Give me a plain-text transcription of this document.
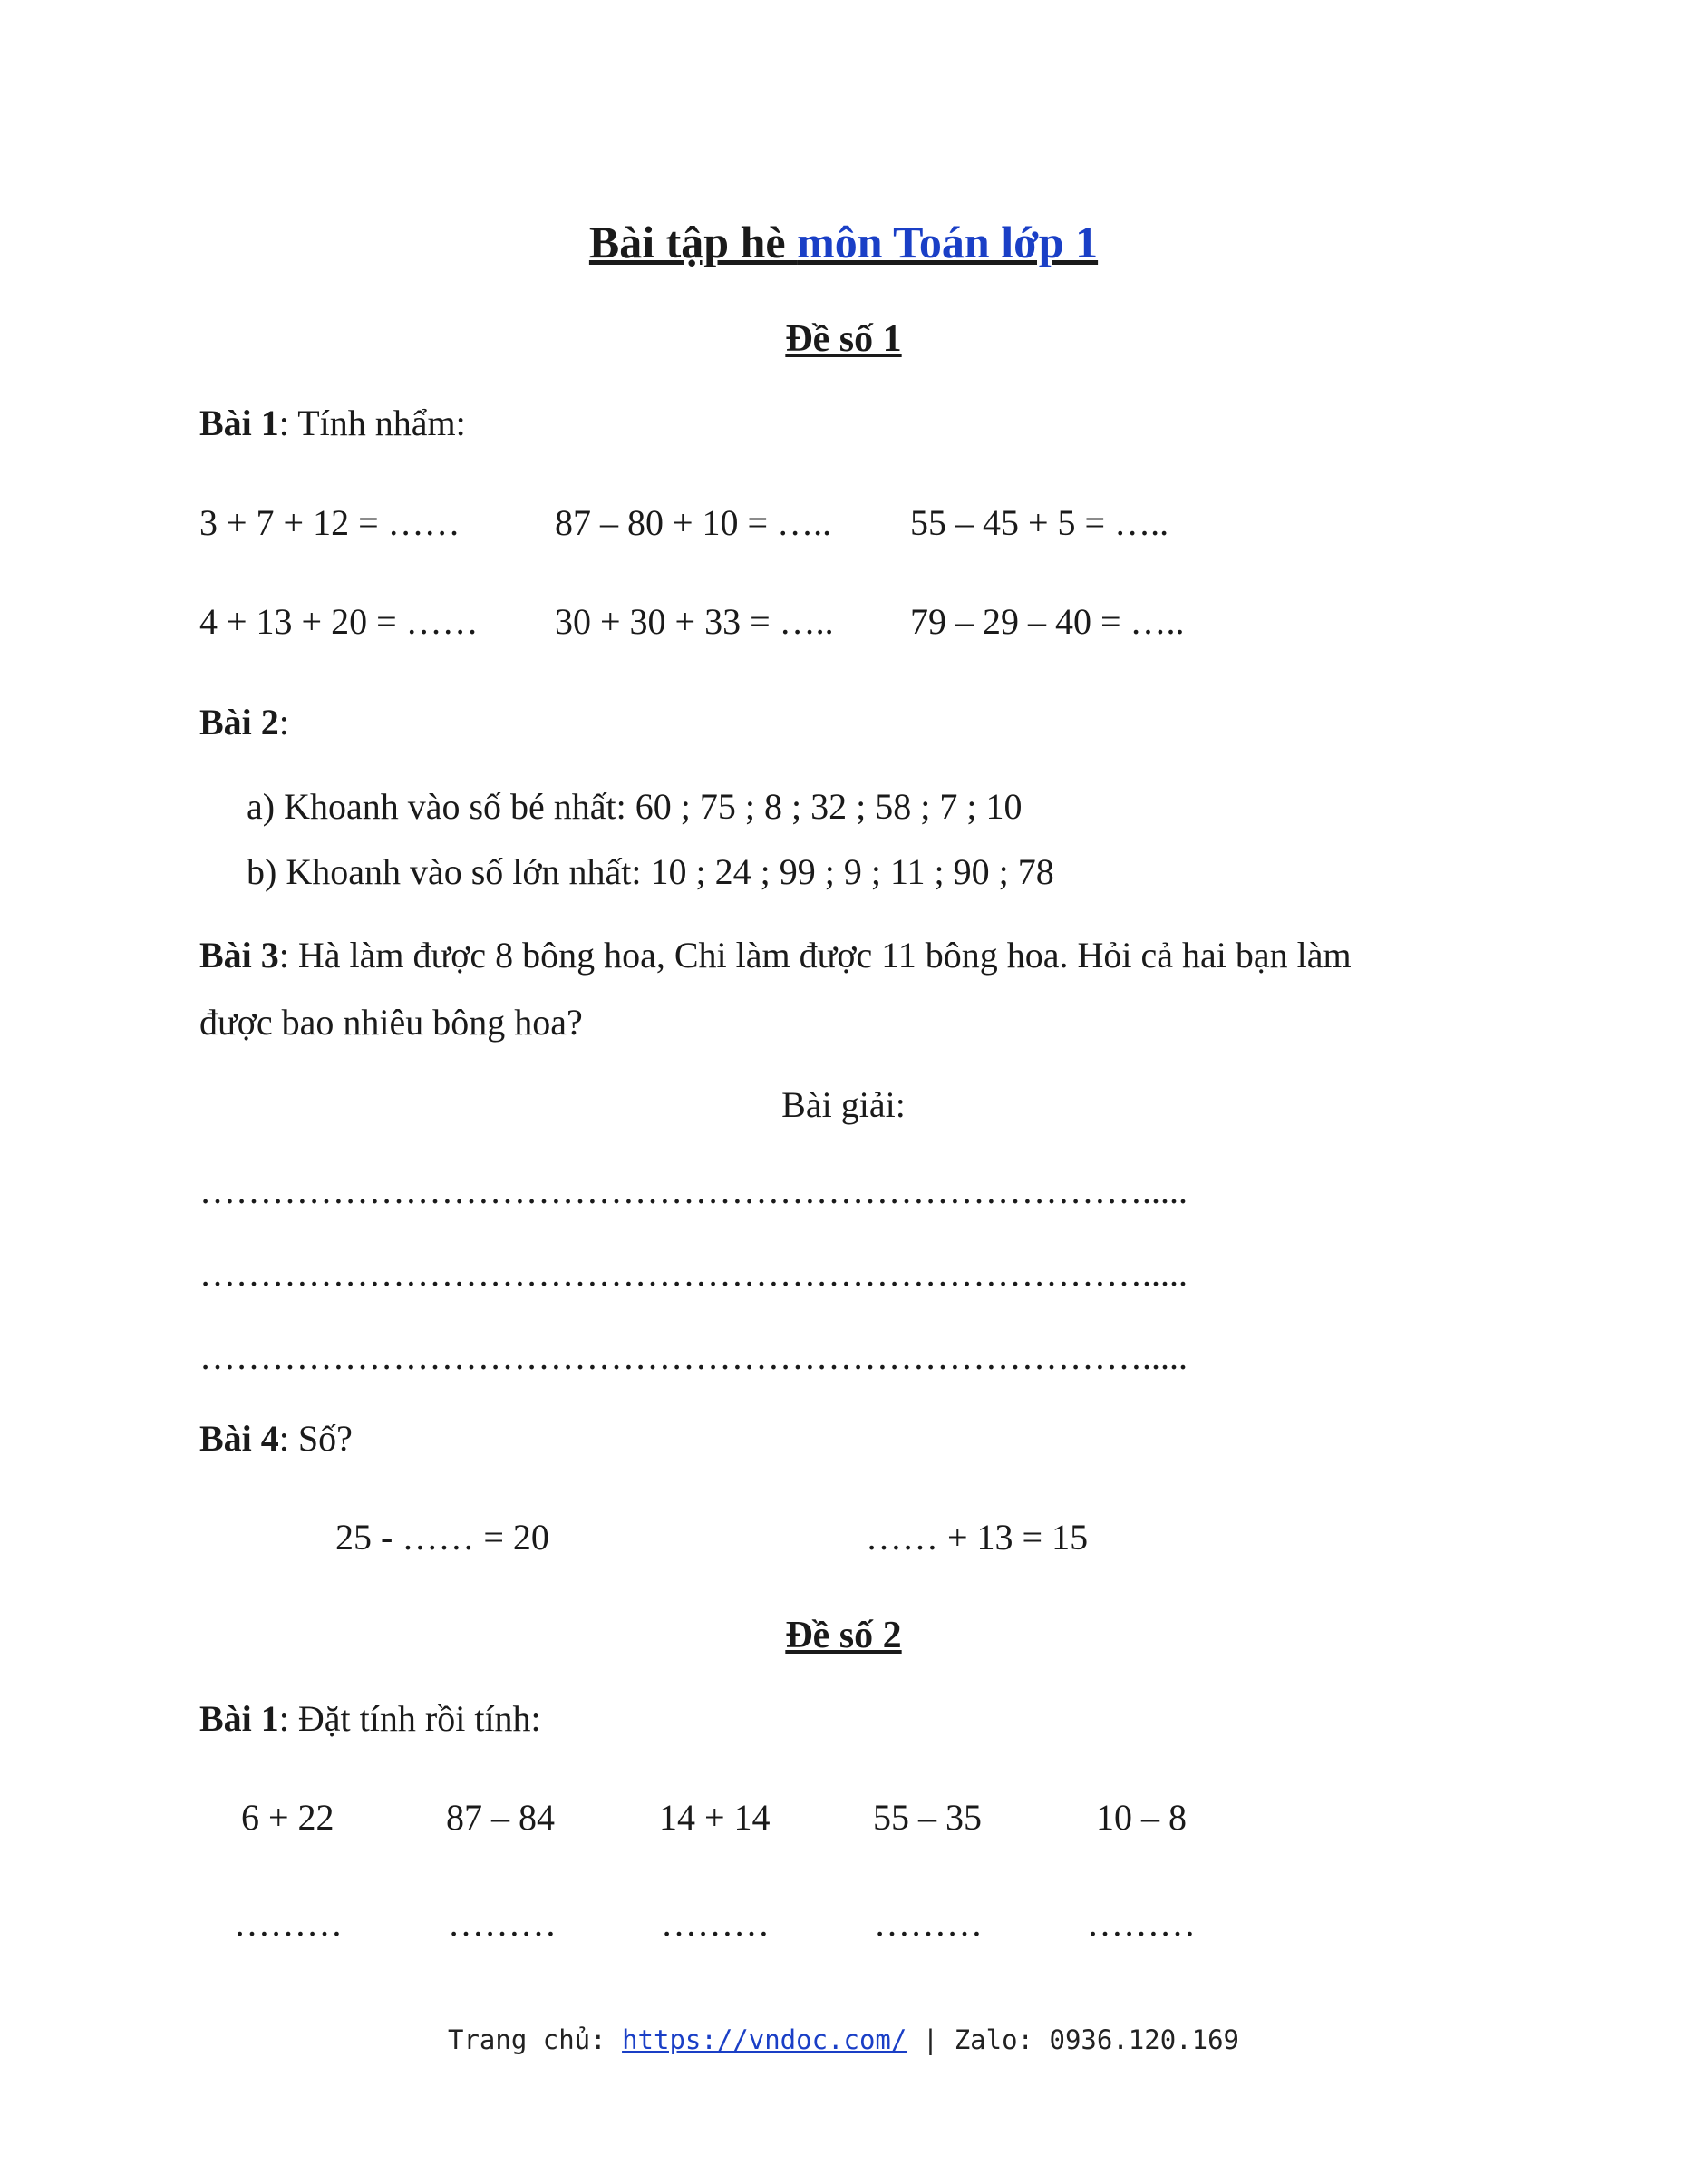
Bài tập hè môn Toán lớp 1
Đề số 1
Bài 1: Tính nhẩm:
3 + 7 + 12 = ……	87 – 80 + 10 = ….. 55 – 45 + 5 = …..
4 + 13 + 20 = …… 30 + 30 + 33 = ….. 79 – 29 – 40 = …..
Bài 2:
a) Khoanh vào số bé nhất: 60 ; 75 ; 8 ; 32 ; 58 ; 7 ; 10
b) Khoanh vào số lớn nhất: 10 ; 24 ; 99 ; 9 ; 11 ; 90 ; 78
Bài 3: Hà làm được 8 bông hoa, Chi làm được 11 bông hoa. Hỏi cả hai bạn làm
được bao nhiêu bông hoa?
Bài giải:
…………………………………………………………………….....
…………………………………………………………………….....
…………………………………………………………………….....
Bài 4: Số?
25 - …… = 20	…… + 13 = 15
Đề số 2
Bài 1: Đặt tính rồi tính:
6 + 22	87 – 84	14 + 14	55 – 35	10 – 8
………	………	………	………	………
Trang chủ: https://vndoc.com/ | Zalo: 0936.120.169
